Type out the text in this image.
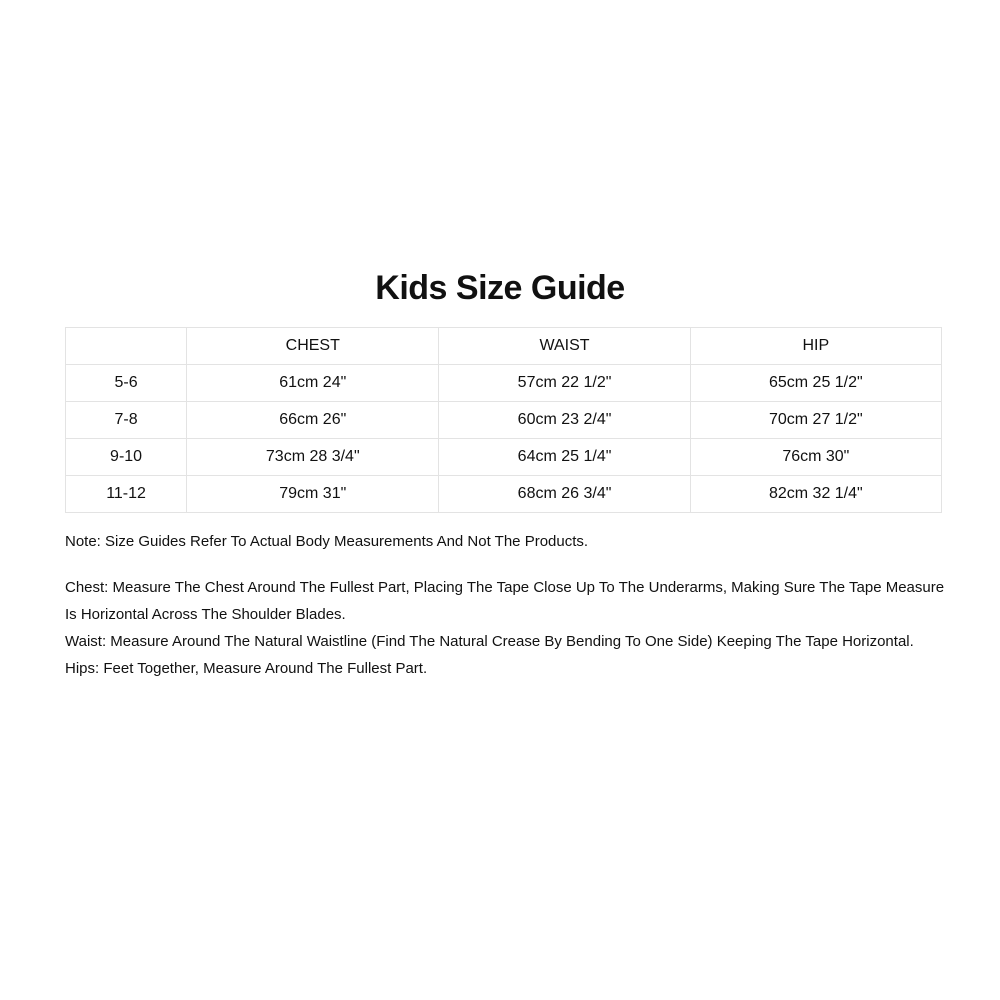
Kids Size Guide
	CHEST	WAIST	HIP
5-6	61cm 24"	57cm 22 1/2"	65cm 25 1/2"
7-8	66cm 26"	60cm 23 2/4"	70cm 27 1/2"
9-10	73cm 28 3/4"	64cm 25 1/4"	76cm 30"
11-12	79cm 31"	68cm 26 3/4"	82cm 32 1/4"

Note: Size Guides Refer To Actual Body Measurements And Not The Products.

Chest: Measure The Chest Around The Fullest Part, Placing The Tape Close Up To The Underarms, Making Sure The Tape Measure Is Horizontal Across The Shoulder Blades.

Waist: Measure Around The Natural Waistline (Find The Natural Crease By Bending To One Side) Keeping The Tape Horizontal.

Hips: Feet Together, Measure Around The Fullest Part.
